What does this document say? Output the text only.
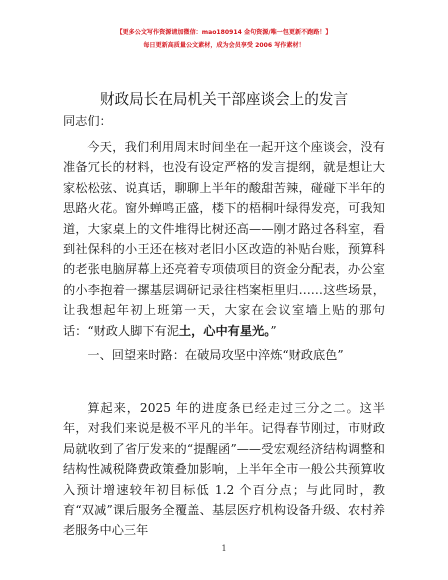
【更多公文写作资源请加微信：mao180914 金句资源/唯一包更新不跑路！】
每日更新高质量公文素材，成为会员享受 2006 写作素材！
财政局长在局机关干部座谈会上的发言
同志们：
今天，我们利用周末时间坐在一起开这个座谈会，没有准备冗长的材料，也没有设定严格的发言提纲，就是想让大家松松弦、说真话，聊聊上半年的酸甜苦辣，碰碰下半年的思路火花。窗外蝉鸣正盛，楼下的梧桐叶绿得发亮，可我知道，大家桌上的文件堆得比树还高——刚才路过各科室，看到社保科的小王还在核对老旧小区改造的补贴台账，预算科的老张电脑屏幕上还亮着专项债项目的资金分配表，办公室的小李抱着一摞基层调研记录往档案柜里归……这些场景，让我想起年初上班第一天，大家在会议室墙上贴的那句话：“财政人脚下有泥土，心中有星光。”
一、回望来时路：在破局攻坚中淬炼“财政底色”
算起来，2025 年的进度条已经走过三分之二。这半年，对我们来说是极不平凡的半年。记得春节刚过，市财政局就收到了省厅发来的“提醒函”——受宏观经济结构调整和结构性减税降费政策叠加影响，上半年全市一般公共预算收入预计增速较年初目标低 1.2 个百分点；与此同时，教育“双减”课后服务全覆盖、基层医疗机构设备升级、农村养老服务中心三年
1
